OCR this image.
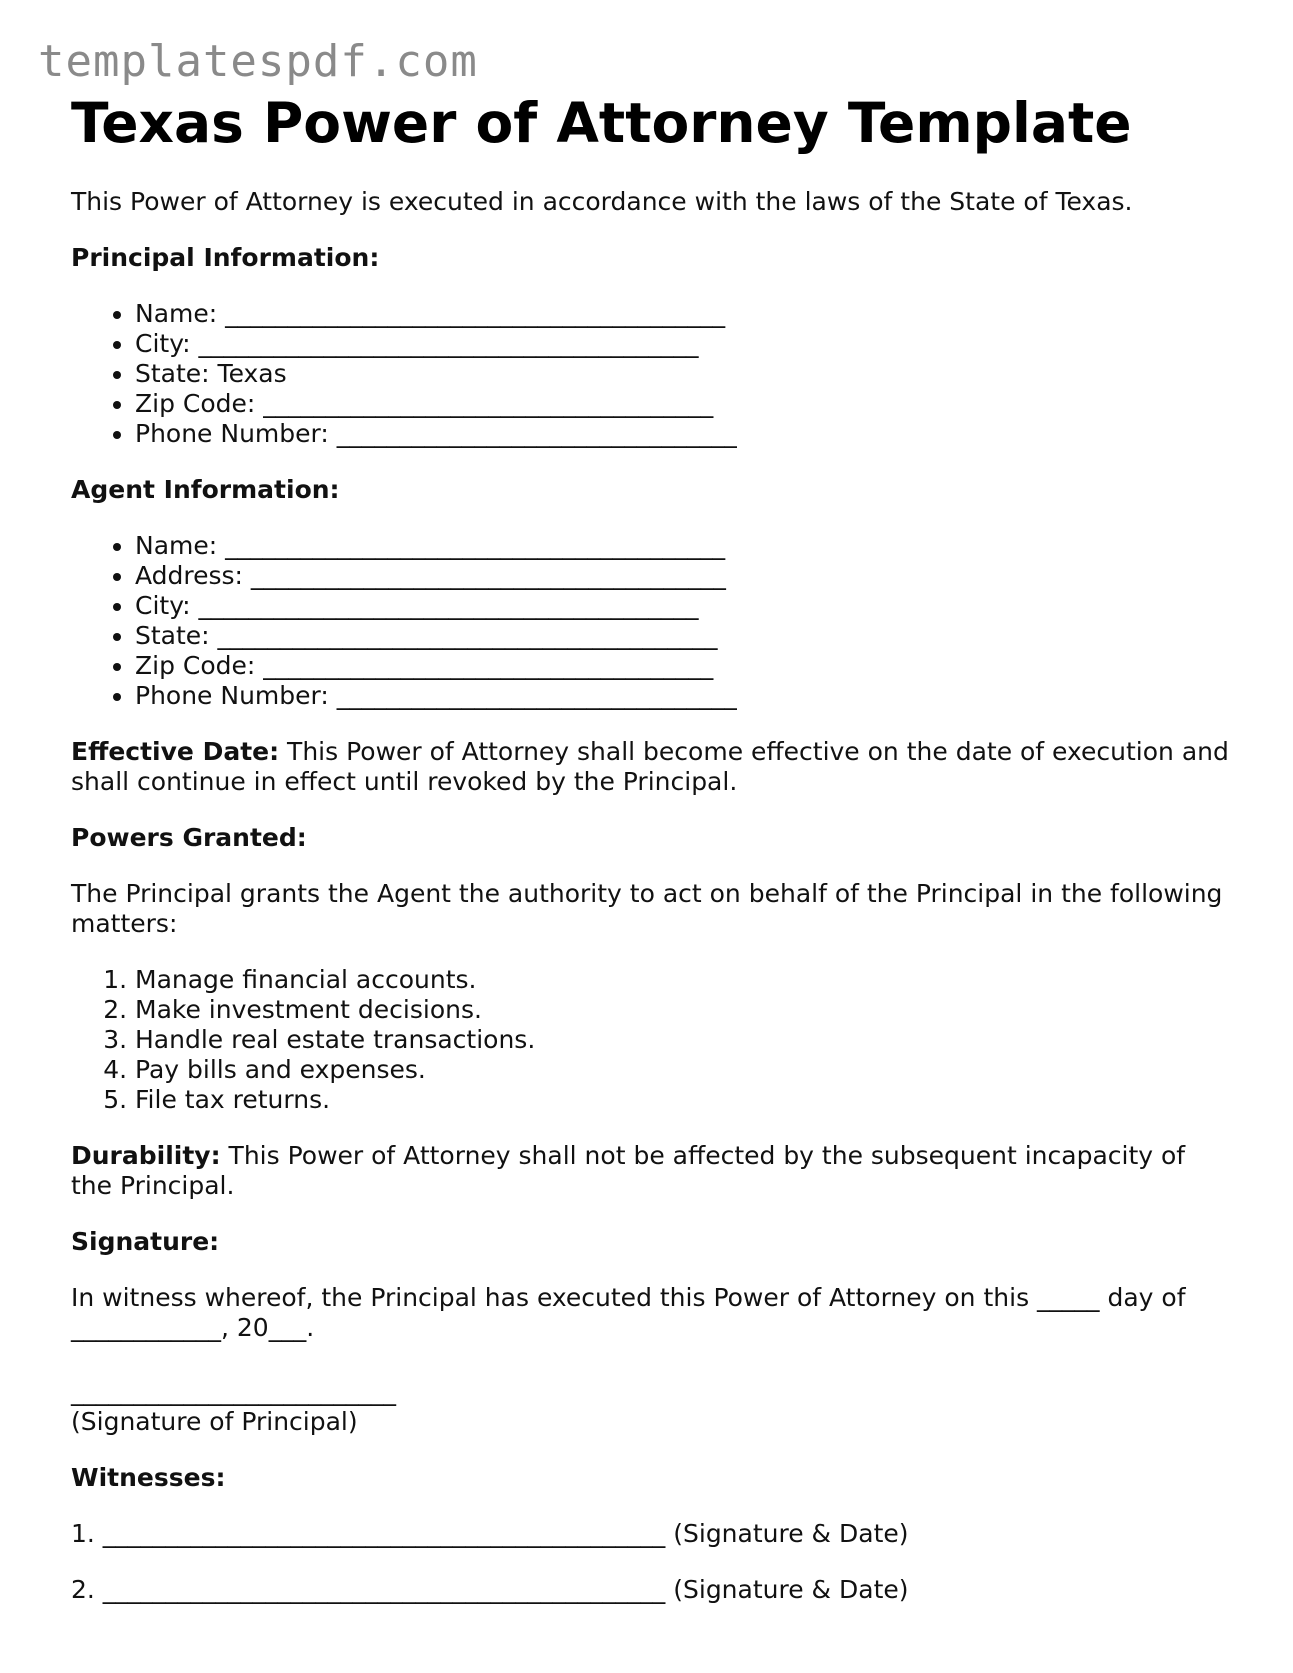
templatespdf.com
Texas Power of Attorney Template

This Power of Attorney is executed in accordance with the laws of the State of Texas.

Principal Information:

• Name: ________________________________________
• City: ________________________________________
• State: Texas
• Zip Code: ____________________________________
• Phone Number: ________________________________

Agent Information:

• Name: ________________________________________
• Address: ______________________________________
• City: ________________________________________
• State: ________________________________________
• Zip Code: ____________________________________
• Phone Number: ________________________________

Effective Date: This Power of Attorney shall become effective on the date of execution and shall continue in effect until revoked by the Principal.

Powers Granted:

The Principal grants the Agent the authority to act on behalf of the Principal in the following matters:

1. Manage financial accounts.
2. Make investment decisions.
3. Handle real estate transactions.
4. Pay bills and expenses.
5. File tax returns.

Durability: This Power of Attorney shall not be affected by the subsequent incapacity of the Principal.

Signature:

In witness whereof, the Principal has executed this Power of Attorney on this _____ day of ____________, 20___.

__________________________

(Signature of Principal)

Witnesses:

1. _____________________________________________ (Signature & Date)

2. _____________________________________________ (Signature & Date)
